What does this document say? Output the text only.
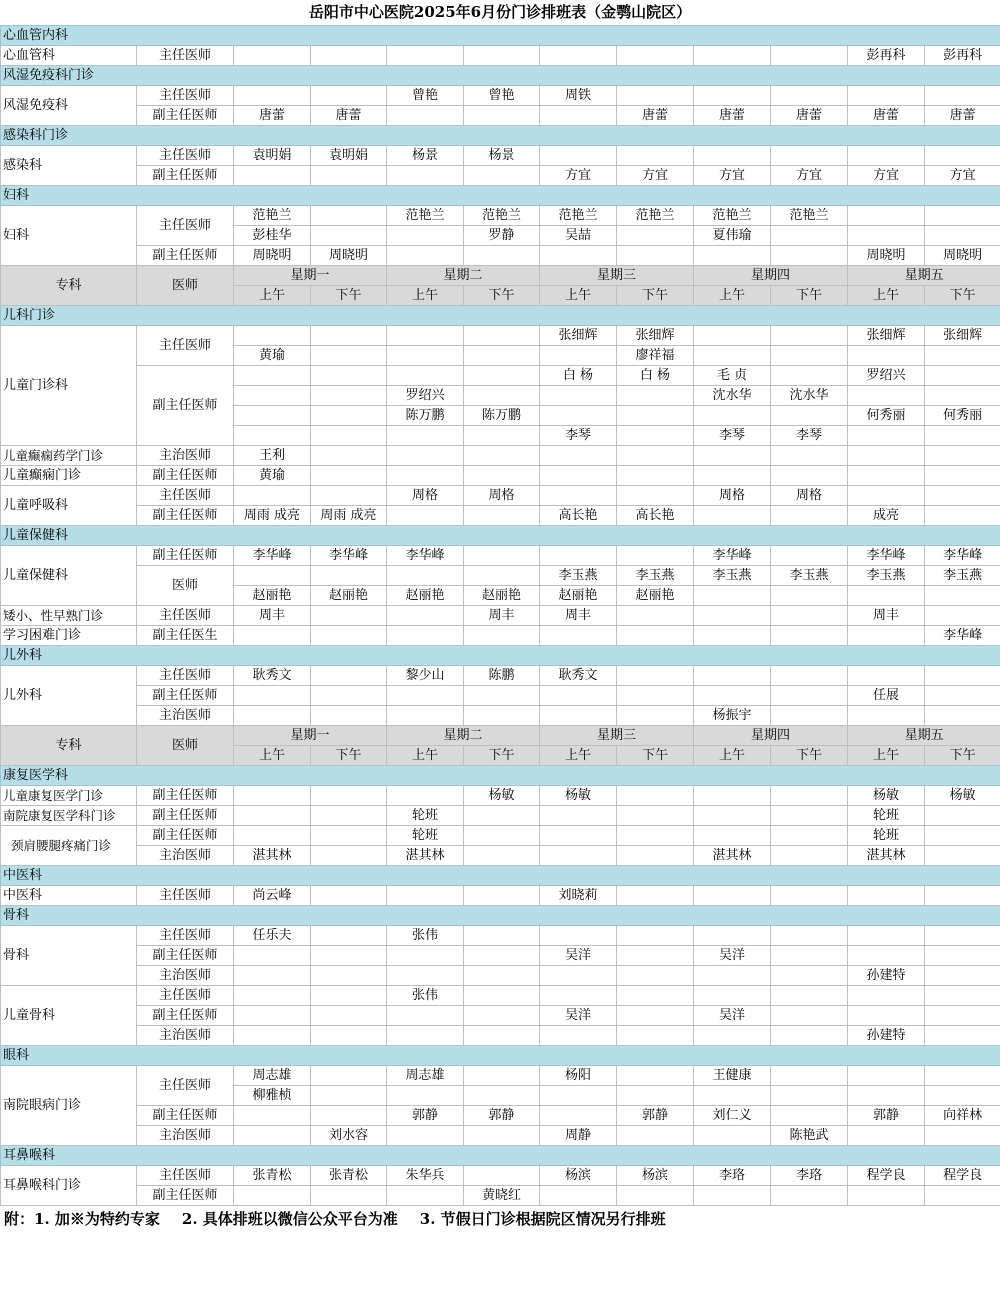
岳阳市中心医院2025年6月份门诊排班表（金鹗山院区）
心血管内科											
心血管科	主任医师									彭再科	彭再科
风湿免疫科门诊											
风湿免疫科	主任医师			曾艳	曾艳	周铁					
	副主任医师	唐蕾	唐蕾				唐蕾	唐蕾	唐蕾	唐蕾	唐蕾
感染科门诊											
感染科	主任医师	袁明娟	袁明娟	杨景	杨景						
	副主任医师					方宜	方宜	方宜	方宜	方宜	方宜
妇科											
妇科	主任医师	范艳兰		范艳兰	范艳兰	范艳兰	范艳兰	范艳兰	范艳兰		
		彭桂华			罗静	吴喆		夏伟瑜			
	副主任医师	周晓明	周晓明							周晓明	周晓明
专科	医师	星期一		星期二		星期三		星期四		星期五	
		上午	下午	上午	下午	上午	下午	上午	下午	上午	下午
儿科门诊											
儿童门诊科	主任医师					张细辉	张细辉			张细辉	张细辉
		黄瑜					廖祥福				
	副主任医师					白 杨	白 杨	毛 贞		罗绍兴	
				罗绍兴				沈水华	沈水华		
				陈万鹏	陈万鹏					何秀丽	何秀丽
						李琴		李琴	李琴		
儿童癫痫药学门诊	主治医师	王利									
儿童癫痫门诊	副主任医师	黄瑜									
儿童呼吸科	主任医师			周格	周格			周格	周格		
	副主任医师	周雨 成亮	周雨 成亮			高长艳	高长艳			成亮	
儿童保健科											
儿童保健科	副主任医师	李华峰	李华峰	李华峰				李华峰		李华峰	李华峰
	医师					李玉燕	李玉燕	李玉燕	李玉燕	李玉燕	李玉燕
		赵丽艳	赵丽艳	赵丽艳	赵丽艳	赵丽艳	赵丽艳				
矮小、性早熟门诊	主任医师	周丰			周丰	周丰				周丰	
学习困难门诊	副主任医生										李华峰
儿外科											
儿外科	主任医师	耿秀文		黎少山	陈鹏	耿秀文					
	副主任医师									任展	
	主治医师							杨振宇			
专科	医师	星期一		星期二		星期三		星期四		星期五	
		上午	下午	上午	下午	上午	下午	上午	下午	上午	下午
康复医学科											
儿童康复医学门诊	副主任医师				杨敏	杨敏				杨敏	杨敏
南院康复医学科门诊	副主任医师			轮班						轮班	
颈肩腰腿疼痛门诊	副主任医师			轮班						轮班	
	主治医师	湛其林		湛其林				湛其林		湛其林	
中医科											
中医科	主任医师	尚云峰				刘晓莉					
骨科											
骨科	主任医师	任乐夫		张伟							
	副主任医师					吴洋		吴洋			
	主治医师									孙建特	
儿童骨科	主任医师			张伟							
	副主任医师					吴洋		吴洋			
	主治医师									孙建特	
眼科											
南院眼病门诊	主任医师	周志雄		周志雄		杨阳		王健康			
		柳雅桢									
	副主任医师			郭静	郭静		郭静	刘仁义		郭静	向祥林
	主治医师		刘水容			周静			陈艳武		
耳鼻喉科											
耳鼻喉科门诊	主任医师	张青松	张青松	朱华兵		杨滨	杨滨	李珞	李珞	程学良	程学良
	副主任医师				黄晓红						
附：1. 加※为特约专家 2. 具体排班以微信公众平台为准 3. 节假日门诊根据院区情况另行排班
